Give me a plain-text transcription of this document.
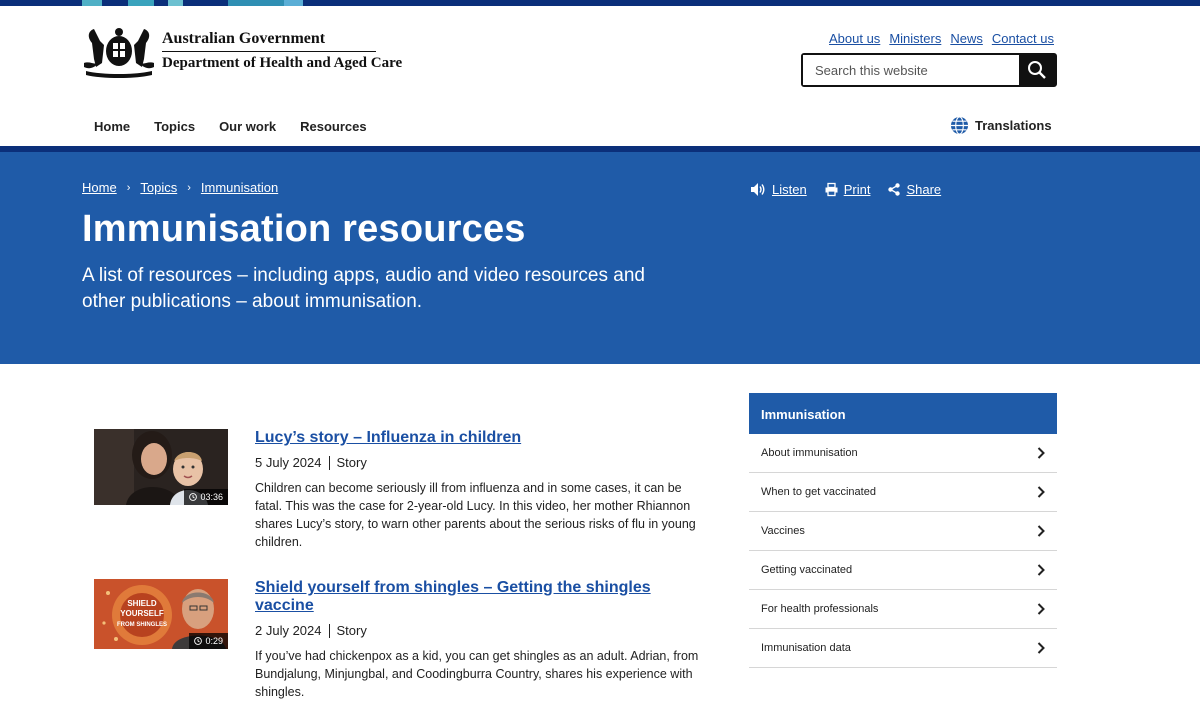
Australian Government
Department of Health and Aged Care
About us Ministers News Contact us
Search this website
Home	Topics	Our work	Resources	Translations
Home › Topics › Immunisation	Listen	Print	Share
Immunisation resources

A list of resources – including apps, audio and video resources and other publications – about immunisation.

03:36
Lucy’s story – Influenza in children
5 July 2024 Story
Children can become seriously ill from influenza and in some cases, it can be fatal. This was the case for 2-year-old Lucy. In this video, her mother Rhiannon shares Lucy’s story, to warn other parents about the serious risks of flu in young children.
SHIELD
YOURSELF
FROM SHINGLES
0:29
Shield yourself from shingles – Getting the shingles vaccine
2 July 2024 Story
If you’ve had chickenpox as a kid, you can get shingles as an adult. Adrian, from Bundjalung, Minjungbal, and Coodingburra Country, shares his experience with shingles.
Immunisation
About immunisation
When to get vaccinated
Vaccines
Getting vaccinated
For health professionals
Immunisation data
